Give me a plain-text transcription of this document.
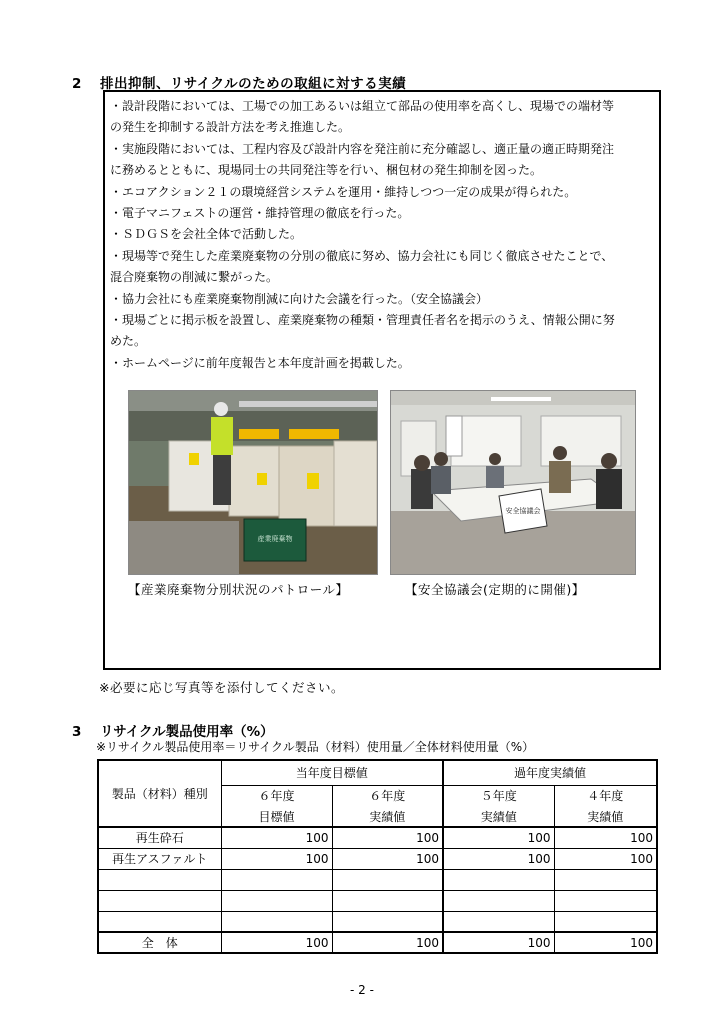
2 排出抑制、リサイクルのための取組に対する実績
・設計段階においては、工場での加工あるいは組立て部品の使用率を高くし、現場での端材等
の発生を抑制する設計方法を考え推進した。
・実施段階においては、工程内容及び設計内容を発注前に充分確認し、適正量の適正時期発注
に務めるとともに、現場同士の共同発注等を行い、梱包材の発生抑制を図った。
・エコアクション２１の環境経営システムを運用・維持しつつ一定の成果が得られた。
・電子マニフェストの運営・維持管理の徹底を行った。
・ＳＤＧＳを会社全体で活動した。
・現場等で発生した産業廃棄物の分別の徹底に努め、協力会社にも同じく徹底させたことで、
混合廃棄物の削減に繋がった。
・協力会社にも産業廃棄物削減に向けた会議を行った。（安全協議会）
・現場ごとに掲示板を設置し、産業廃棄物の種類・管理責任者名を掲示のうえ、情報公開に努
めた。
・ホームページに前年度報告と本年度計画を掲載した。
産業廃棄物
安全協議会
【産業廃棄物分別状況のパトロール】	【安全協議会(定期的に開催)】
※必要に応じ写真等を添付してください。
3 リサイクル製品使用率（%）
※リサイクル製品使用率＝リサイクル製品（材料）使用量／全体材料使用量（%）
製品（材料）種別	当年度目標値		過年度実績値	
	６年度	６年度	５年度	４年度
	目標値	実績値	実績値	実績値
再生砕石	100	100	100	100
再生アスファルト	100	100	100	100

全　体	100	100	100	100
- 2 -
